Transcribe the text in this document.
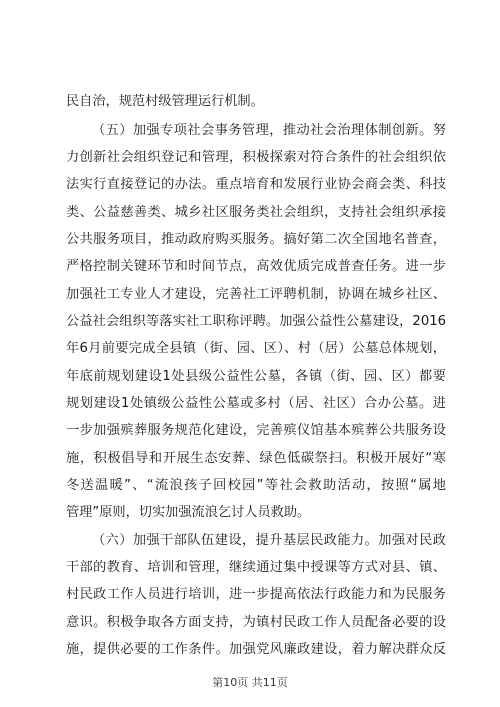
民自治，规范村级管理运行机制。
（五）加强专项社会事务管理，推动社会治理体制创新。努
力创新社会组织登记和管理，积极探索对符合条件的社会组织依
法实行直接登记的办法。重点培育和发展行业协会商会类、科技
类、公益慈善类、城乡社区服务类社会组织，支持社会组织承接
公共服务项目，推动政府购买服务。搞好第二次全国地名普查，
严格控制关键环节和时间节点，高效优质完成普查任务。进一步
加强社工专业人才建设，完善社工评聘机制，协调在城乡社区、
公益社会组织等落实社工职称评聘。加强公益性公墓建设，2016
年6月前要完成全县镇（街、园、区）、村（居）公墓总体规划，
年底前规划建设1处县级公益性公墓，各镇（街、园、区）都要
规划建设1处镇级公益性公墓或多村（居、社区）合办公墓。进
一步加强殡葬服务规范化建设，完善殡仪馆基本殡葬公共服务设
施，积极倡导和开展生态安葬、绿色低碳祭扫。积极开展好“寒
冬送温暖”、“流浪孩子回校园”等社会救助活动，按照“属地
管理”原则，切实加强流浪乞讨人员救助。
（六）加强干部队伍建设，提升基层民政能力。加强对民政
干部的教育、培训和管理，继续通过集中授课等方式对县、镇、
村民政工作人员进行培训，进一步提高依法行政能力和为民服务
意识。积极争取各方面支持，为镇村民政工作人员配备必要的设
施，提供必要的工作条件。加强党风廉政建设，着力解决群众反
第10页 共11页
